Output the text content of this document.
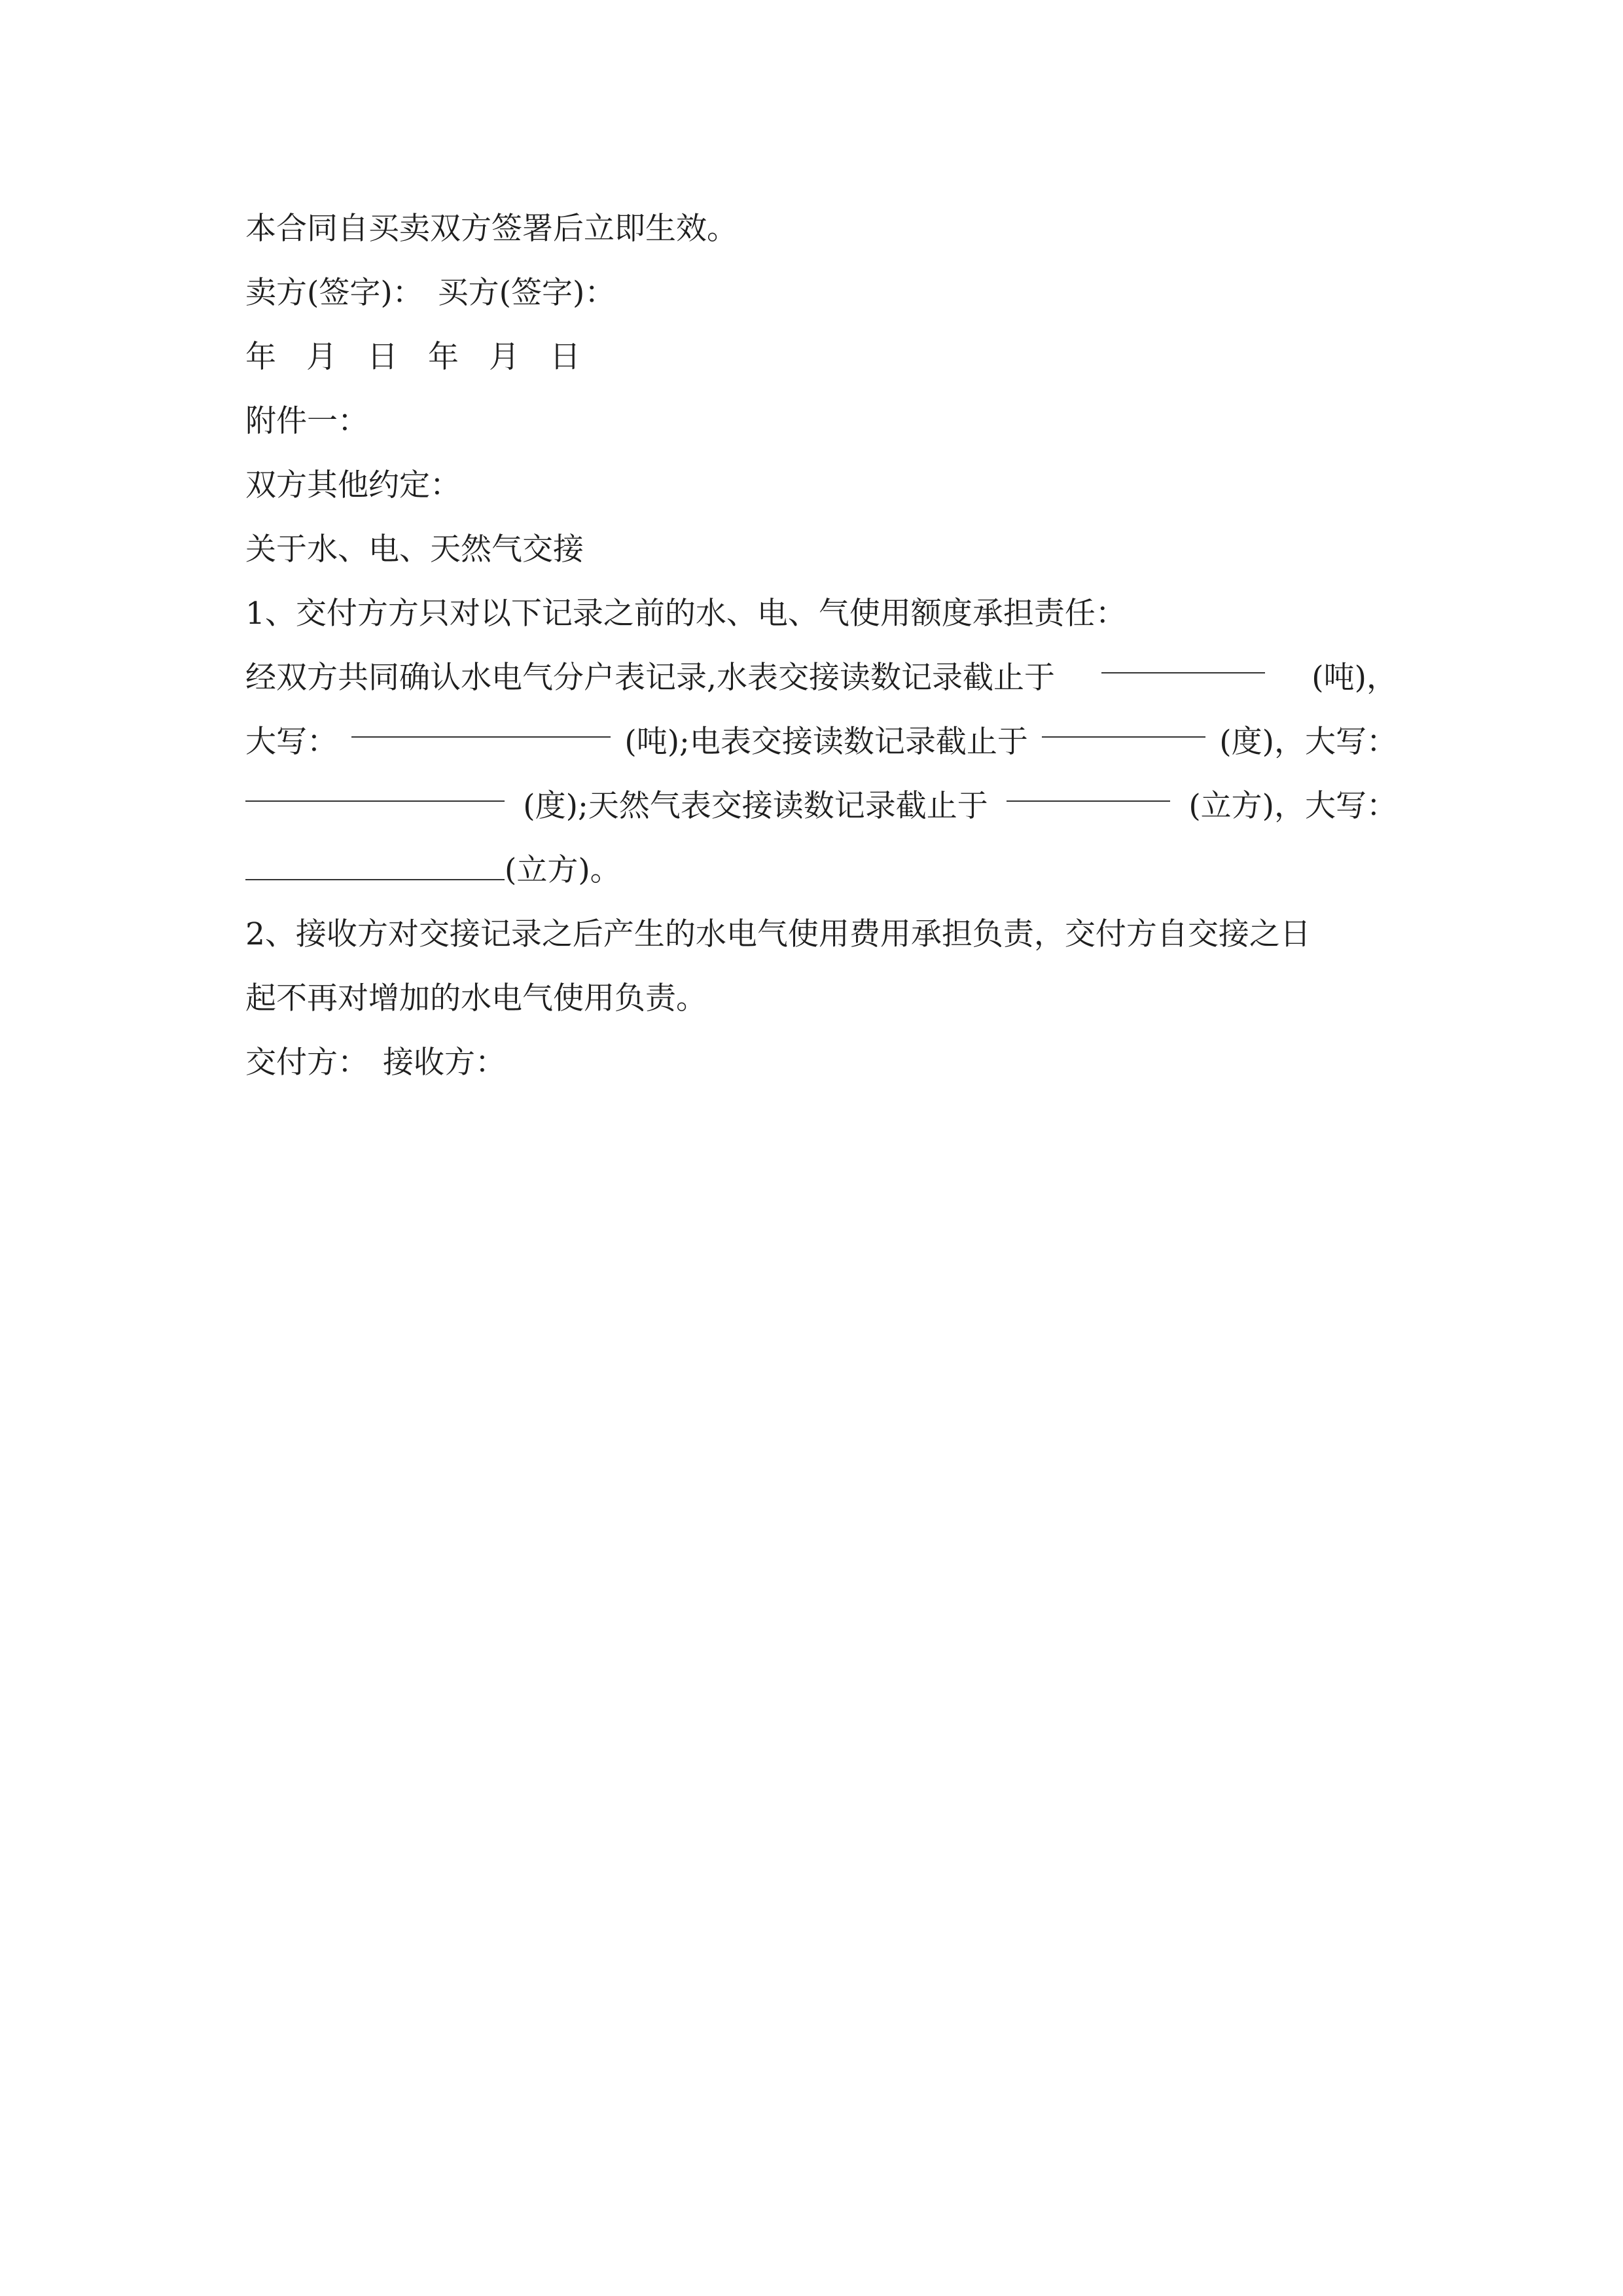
本合同自买卖双方签署后立即生效。
卖方(签字)： 买方(签字)：
年 月 日 年 月 日
附件一：
双方其他约定：
关于水、电、天然气交接
1、交付方方只对以下记录之前的水、电、气使用额度承担责任：
经双方共同确认水电气分户表记录,水表交接读数记录截止于	(吨)，
大写：	(吨);电表交接读数记录截止于	(度)，大写：
(度);天然气表交接读数记录截止于	(立方)，大写：
(立方)。
2、接收方对交接记录之后产生的水电气使用费用承担负责，交付方自交接之日
起不再对增加的水电气使用负责。
交付方： 接收方：
